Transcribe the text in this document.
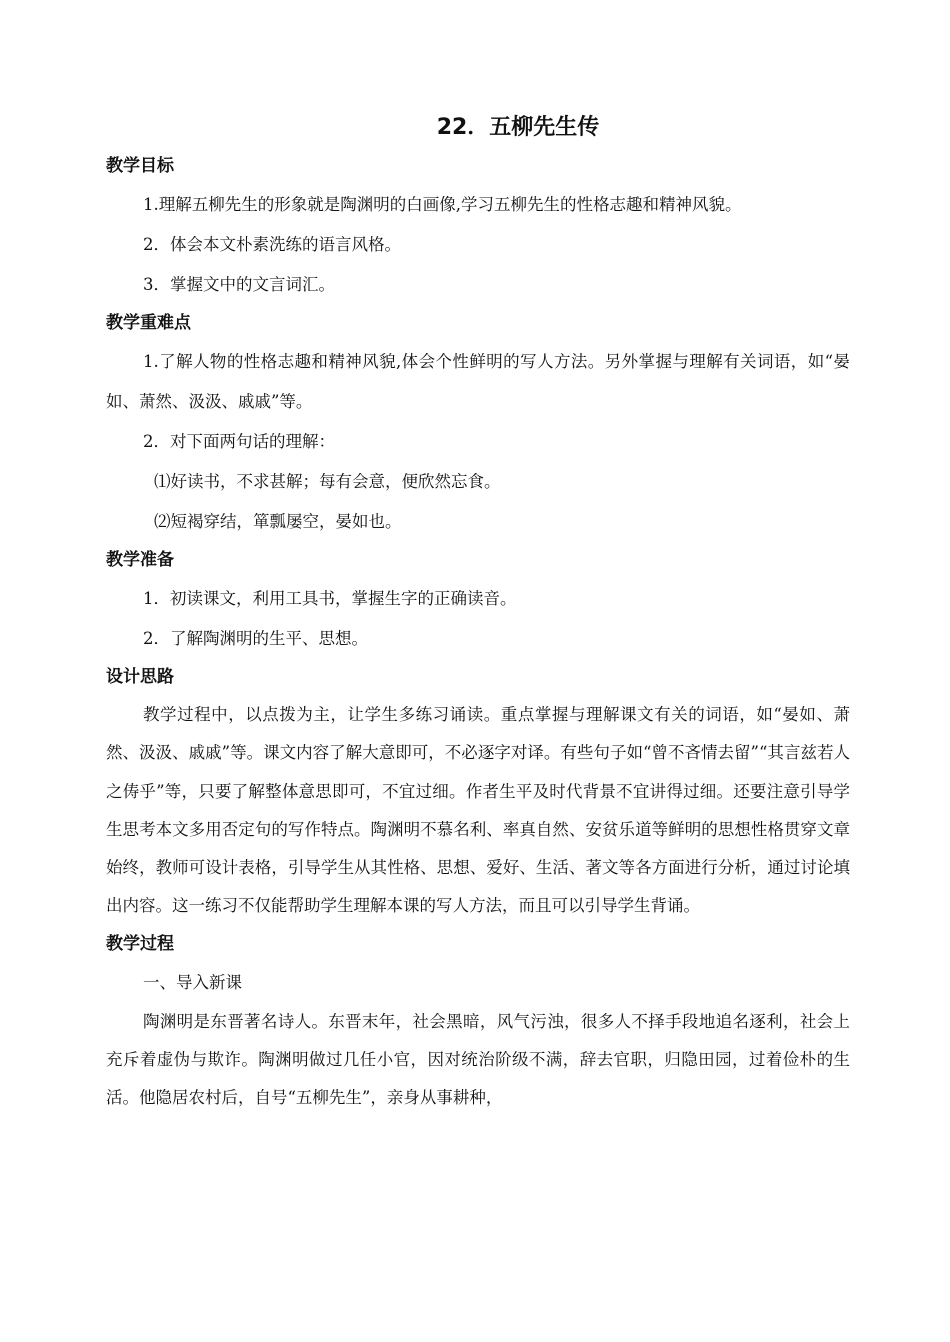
22．五柳先生传
教学目标
1.理解五柳先生的形象就是陶渊明的白画像,学习五柳先生的性格志趣和精神风貌。
2．体会本文朴素洗练的语言风格。
3．掌握文中的文言词汇。
教学重难点

1.了解人物的性格志趣和精神风貌,体会个性鲜明的写人方法。另外掌握与理解有关词语，如“晏如、萧然、汲汲、戚戚”等。

2．对下面两句话的理解：
⑴好读书，不求甚解；每有会意，便欣然忘食。
⑵短褐穿结，箪瓢屡空，晏如也。
教学准备
1．初读课文，利用工具书，掌握生字的正确读音。
2．了解陶渊明的生平、思想。
设计思路

教学过程中，以点拨为主，让学生多练习诵读。重点掌握与理解课文有关的词语，如“晏如、萧然、汲汲、戚戚”等。课文内容了解大意即可，不必逐字对译。有些句子如“曾不吝情去留”“其言兹若人之俦乎”等，只要了解整体意思即可，不宜过细。作者生平及时代背景不宜讲得过细。还要注意引导学生思考本文多用否定句的写作特点。陶渊明不慕名利、率真自然、安贫乐道等鲜明的思想性格贯穿文章始终，教师可设计表格，引导学生从其性格、思想、爱好、生活、著文等各方面进行分析，通过讨论填出内容。这一练习不仅能帮助学生理解本课的写人方法，而且可以引导学生背诵。

教学过程
一、导入新课

陶渊明是东晋著名诗人。东晋末年，社会黑暗，风气污浊，很多人不择手段地追名逐利，社会上充斥着虚伪与欺诈。陶渊明做过几任小官，因对统治阶级不满，辞去官职，归隐田园，过着俭朴的生活。他隐居农村后，自号“五柳先生”，亲身从事耕种，
